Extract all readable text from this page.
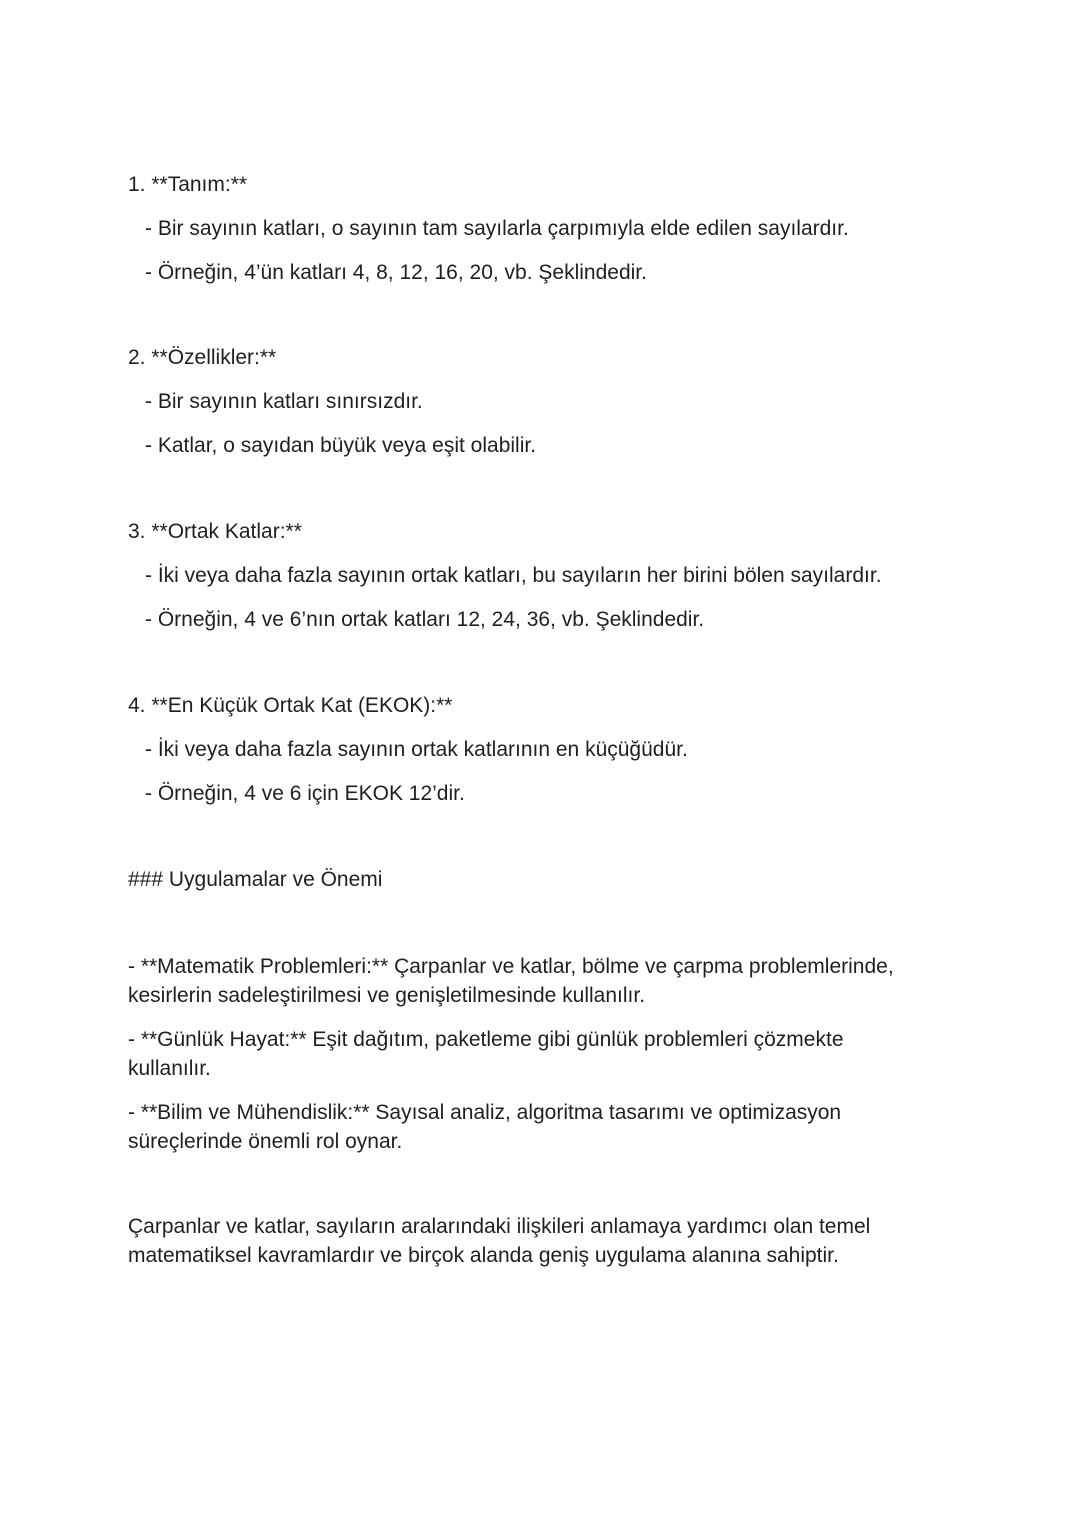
1. **Tanım:**
- Bir sayının katları, o sayının tam sayılarla çarpımıyla elde edilen sayılardır.
- Örneğin, 4’ün katları 4, 8, 12, 16, 20, vb. Şeklindedir.
2. **Özellikler:**
- Bir sayının katları sınırsızdır.
- Katlar, o sayıdan büyük veya eşit olabilir.
3. **Ortak Katlar:**
- İki veya daha fazla sayının ortak katları, bu sayıların her birini bölen sayılardır.
- Örneğin, 4 ve 6’nın ortak katları 12, 24, 36, vb. Şeklindedir.
4. **En Küçük Ortak Kat (EKOK):**
- İki veya daha fazla sayının ortak katlarının en küçüğüdür.
- Örneğin, 4 ve 6 için EKOK 12’dir.
### Uygulamalar ve Önemi
- **Matematik Problemleri:** Çarpanlar ve katlar, bölme ve çarpma problemlerinde, kesirlerin sadeleştirilmesi ve genişletilmesinde kullanılır.
- **Günlük Hayat:** Eşit dağıtım, paketleme gibi günlük problemleri çözmekte kullanılır.
- **Bilim ve Mühendislik:** Sayısal analiz, algoritma tasarımı ve optimizasyon süreçlerinde önemli rol oynar.
Çarpanlar ve katlar, sayıların aralarındaki ilişkileri anlamaya yardımcı olan temel matematiksel kavramlardır ve birçok alanda geniş uygulama alanına sahiptir.
